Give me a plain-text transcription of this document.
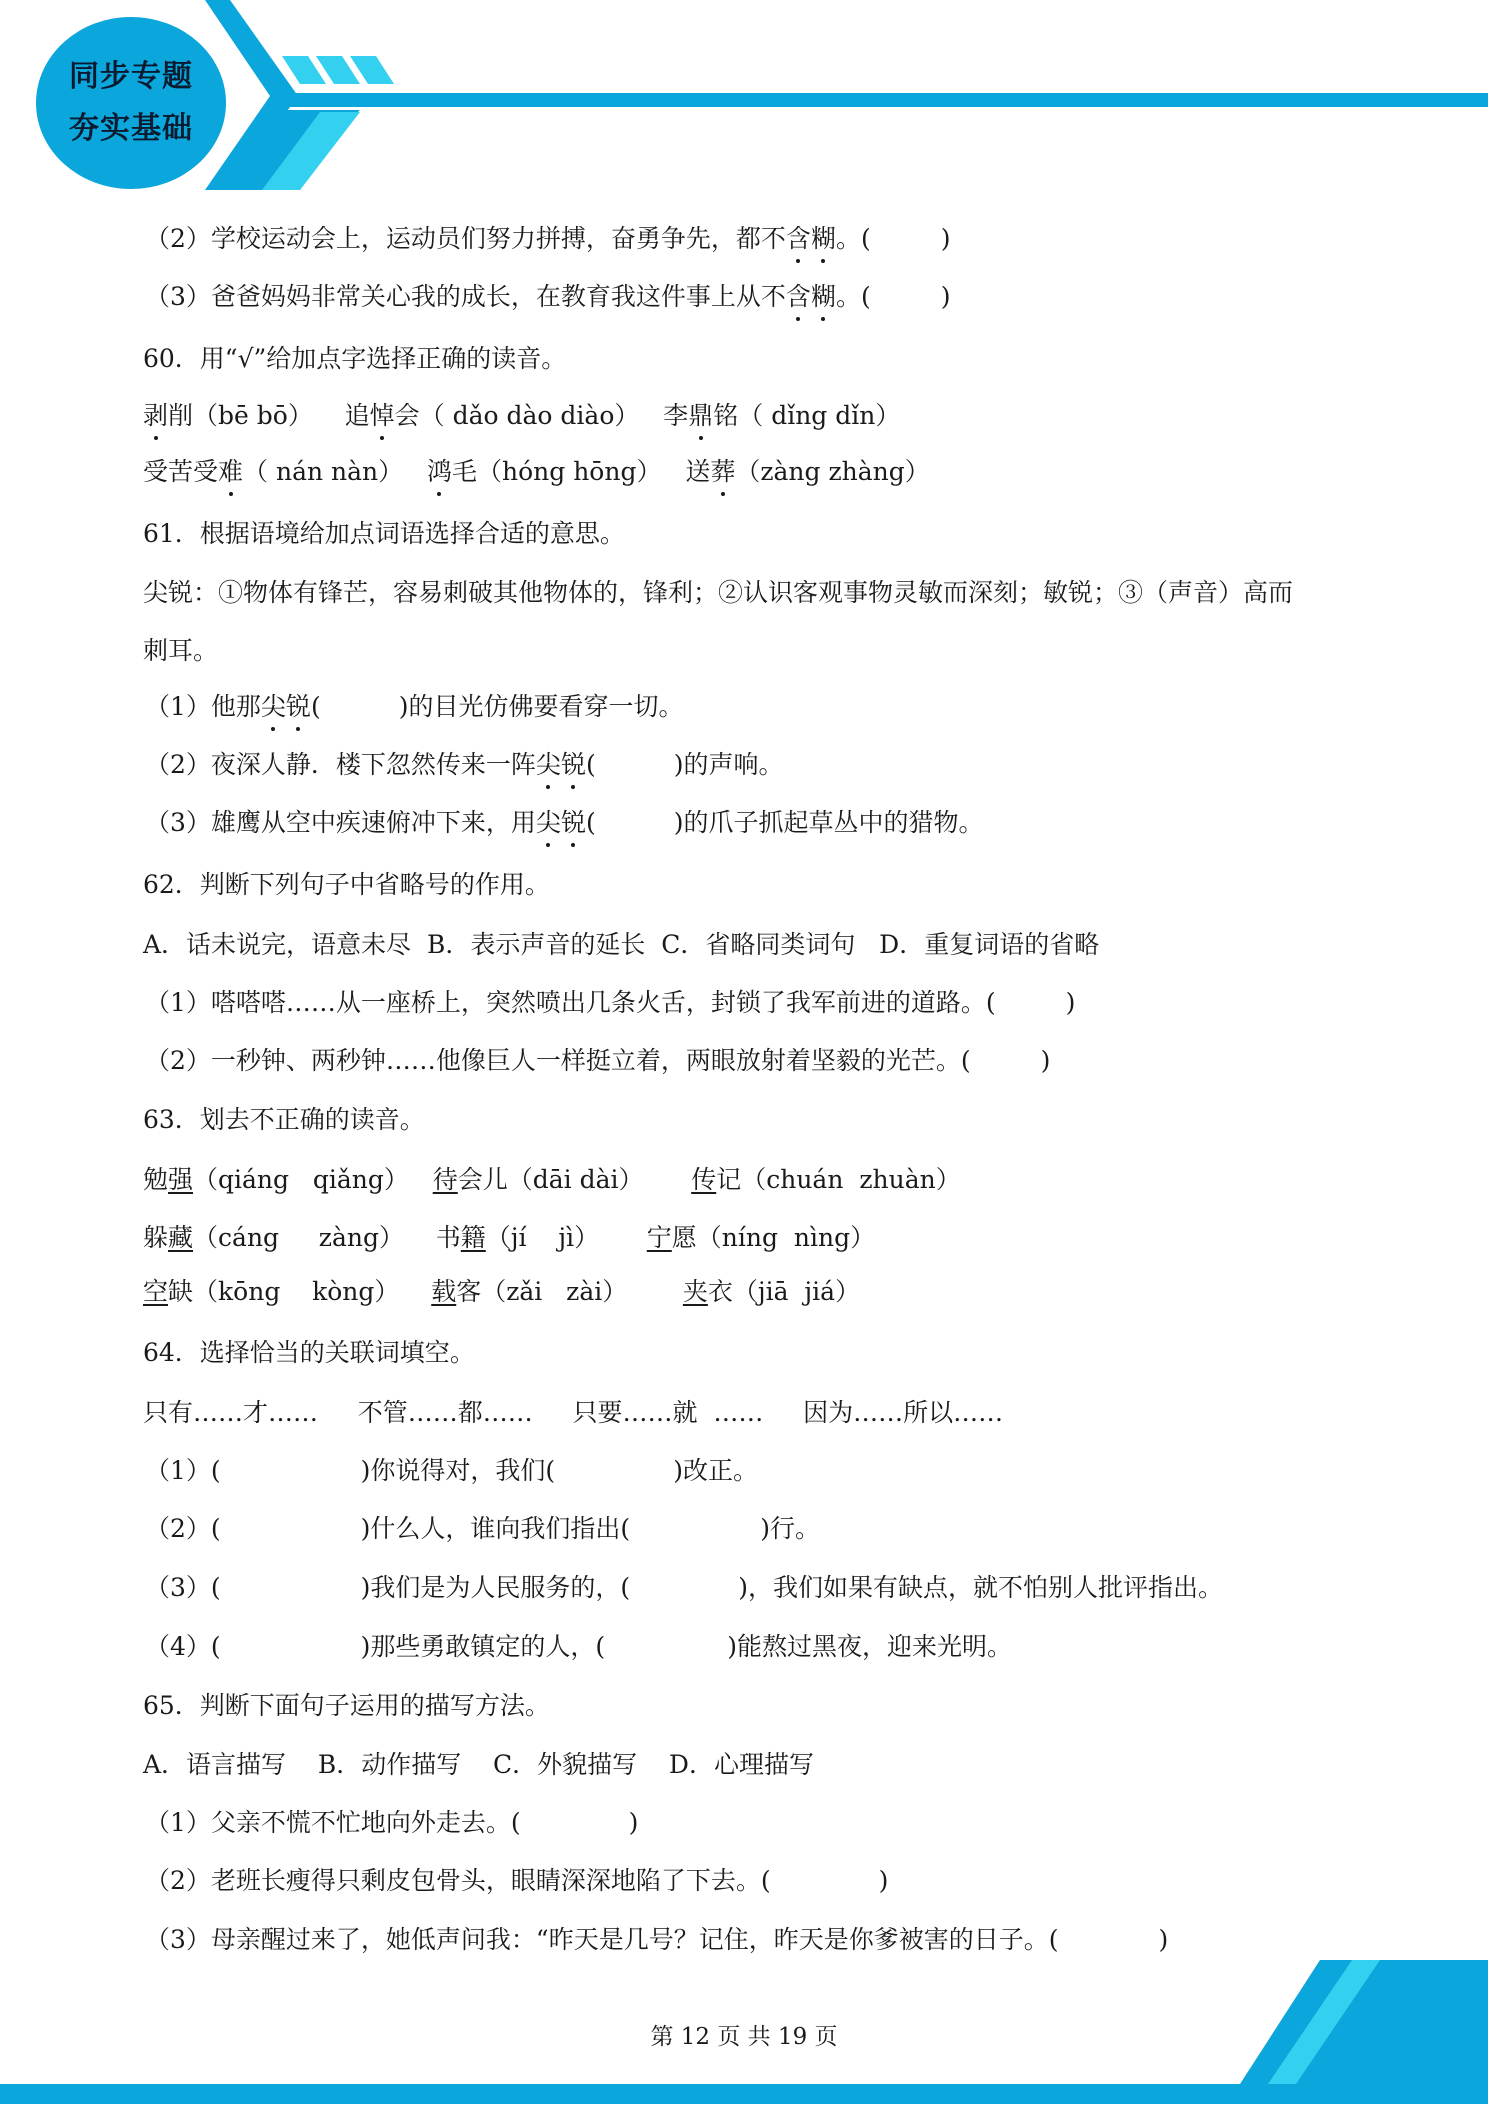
同步专题
夯实基础
（2）学校运动会上，运动员们努力拼搏，奋勇争先，都不含糊。(	)
（3）爸爸妈妈非常关心我的成长，在教育我这件事上从不含糊。(	)
60．用“√”给加点字选择正确的读音。
剥削（bē bō） 追悼会（ dǎo dào diào） 李鼎铭（ dǐng dǐn）
受苦受难（ nán nàn） 鸿毛（hóng hōng） 送葬（zàng zhàng）
61．根据语境给加点词语选择合适的意思。
尖锐：①物体有锋芒，容易刺破其他物体的，锋利；②认识客观事物灵敏而深刻；敏锐；③（声音）高而
刺耳。
（1）他那尖锐(	)的目光仿佛要看穿一切。
（2）夜深人静．楼下忽然传来一阵尖锐(	)的声响。
（3）雄鹰从空中疾速俯冲下来，用尖锐(	)的爪子抓起草丛中的猎物。
62．判断下列句子中省略号的作用。
A．话未说完，语意未尽  B．表示声音的延长  C．省略同类词句   D．重复词语的省略
（1）嗒嗒嗒……从一座桥上，突然喷出几条火舌，封锁了我军前进的道路。(	)
（2）一秒钟、两秒钟……他像巨人一样挺立着，两眼放射着坚毅的光芒。(	)
63．划去不正确的读音。
勉强（qiáng   qiǎng） 待会儿（dāi dài） 传记（chuán  zhuàn）
躲藏（cáng     zàng） 书籍（jí    jì） 宁愿（níng  nìng）
空缺（kōng    kòng） 载客（zǎi   zài） 夹衣（jiā  jiá）
64．选择恰当的关联词填空。
只有……才……     不管……都……     只要……就  ……     因为……所以……
（1）(	)你说得对，我们(	)改正。
（2）(	)什么人，谁向我们指出(	)行。
（3）(	)我们是为人民服务的，(	)，我们如果有缺点，就不怕别人批评指出。
（4）(	)那些勇敢镇定的人，(	)能熬过黑夜，迎来光明。
65．判断下面句子运用的描写方法。
A．语言描写    B．动作描写    C．外貌描写    D．心理描写
（1）父亲不慌不忙地向外走去。(	)
（2）老班长瘦得只剩皮包骨头，眼睛深深地陷了下去。(	)
（3）母亲醒过来了，她低声问我：“昨天是几号？记住，昨天是你爹被害的日子。(	)
第 12 页 共 19 页
